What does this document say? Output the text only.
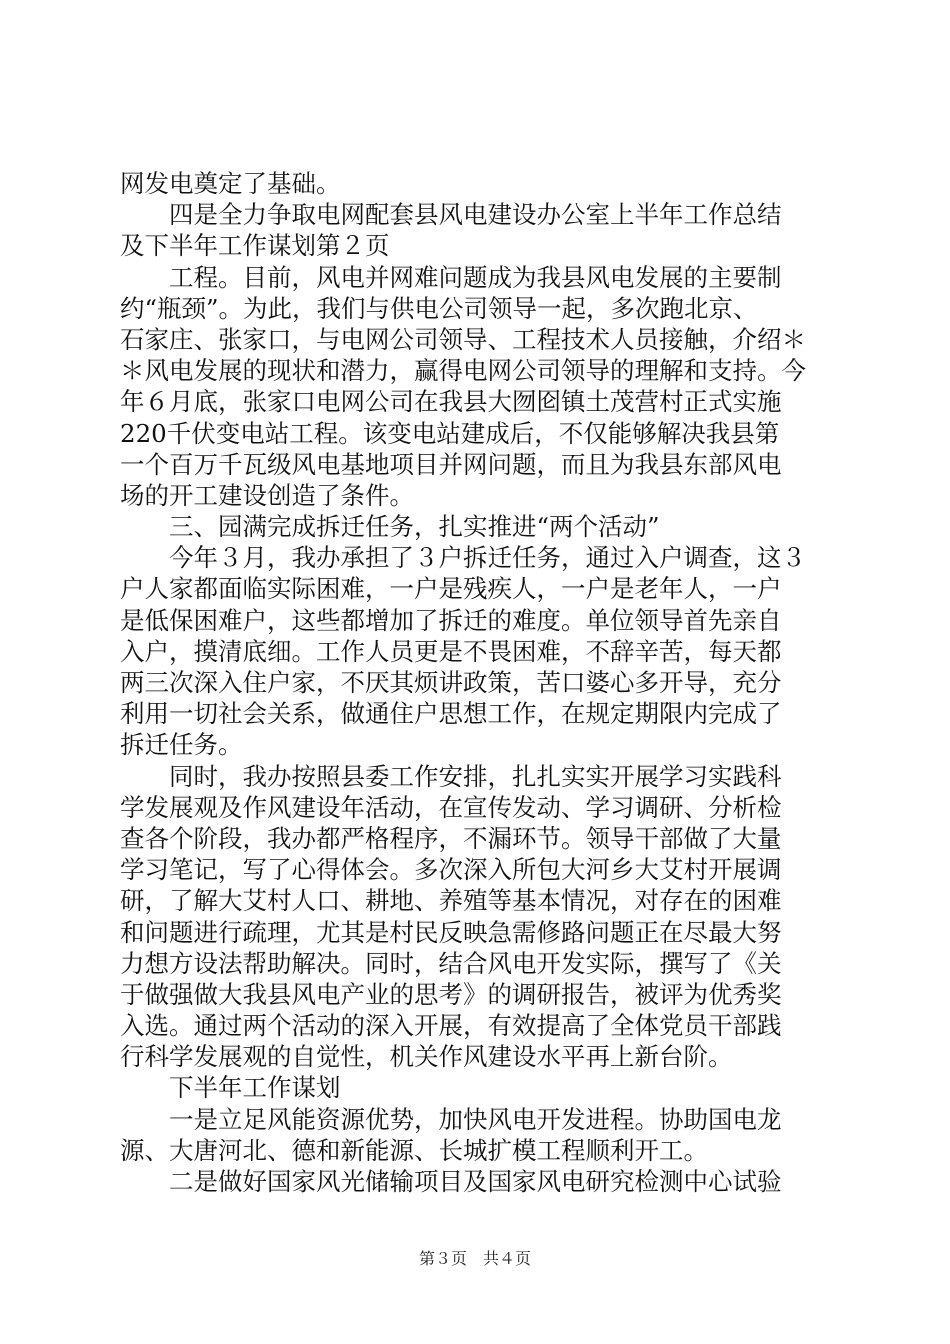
网发电奠定了基础。
　　四是全力争取电网配套县风电建设办公室上半年工作总结
及下半年工作谋划第２页
　　工程。目前，风电并网难问题成为我县风电发展的主要制
约“瓶颈”。为此，我们与供电公司领导一起，多次跑北京、
石家庄、张家口，与电网公司领导、工程技术人员接触，介绍＊
＊风电发展的现状和潜力，赢得电网公司领导的理解和支持。今
年６月底，张家口电网公司在我县大囫囵镇土茂营村正式实施
220千伏变电站工程。该变电站建成后，不仅能够解决我县第
一个百万千瓦级风电基地项目并网问题，而且为我县东部风电
场的开工建设创造了条件。
　　三、园满完成拆迁任务，扎实推进“两个活动”
　　今年３月，我办承担了３户拆迁任务，通过入户调查，这３
户人家都面临实际困难，一户是残疾人，一户是老年人，一户
是低保困难户，这些都增加了拆迁的难度。单位领导首先亲自
入户，摸清底细。工作人员更是不畏困难，不辞辛苦，每天都
两三次深入住户家，不厌其烦讲政策，苦口婆心多开导，充分
利用一切社会关系，做通住户思想工作，在规定期限内完成了
拆迁任务。
　　同时，我办按照县委工作安排，扎扎实实开展学习实践科
学发展观及作风建设年活动，在宣传发动、学习调研、分析检
查各个阶段，我办都严格程序，不漏环节。领导干部做了大量
学习笔记，写了心得体会。多次深入所包大河乡大艾村开展调
研，了解大艾村人口、耕地、养殖等基本情况，对存在的困难
和问题进行疏理，尤其是村民反映急需修路问题正在尽最大努
力想方设法帮助解决。同时，结合风电开发实际，撰写了《关
于做强做大我县风电产业的思考》的调研报告，被评为优秀奖
入选。通过两个活动的深入开展，有效提高了全体党员干部践
行科学发展观的自觉性，机关作风建设水平再上新台阶。
　　下半年工作谋划
　　一是立足风能资源优势，加快风电开发进程。协助国电龙
源、大唐河北、德和新能源、长城扩模工程顺利开工。
　　二是做好国家风光储输项目及国家风电研究检测中心试验
第３页　共４页
